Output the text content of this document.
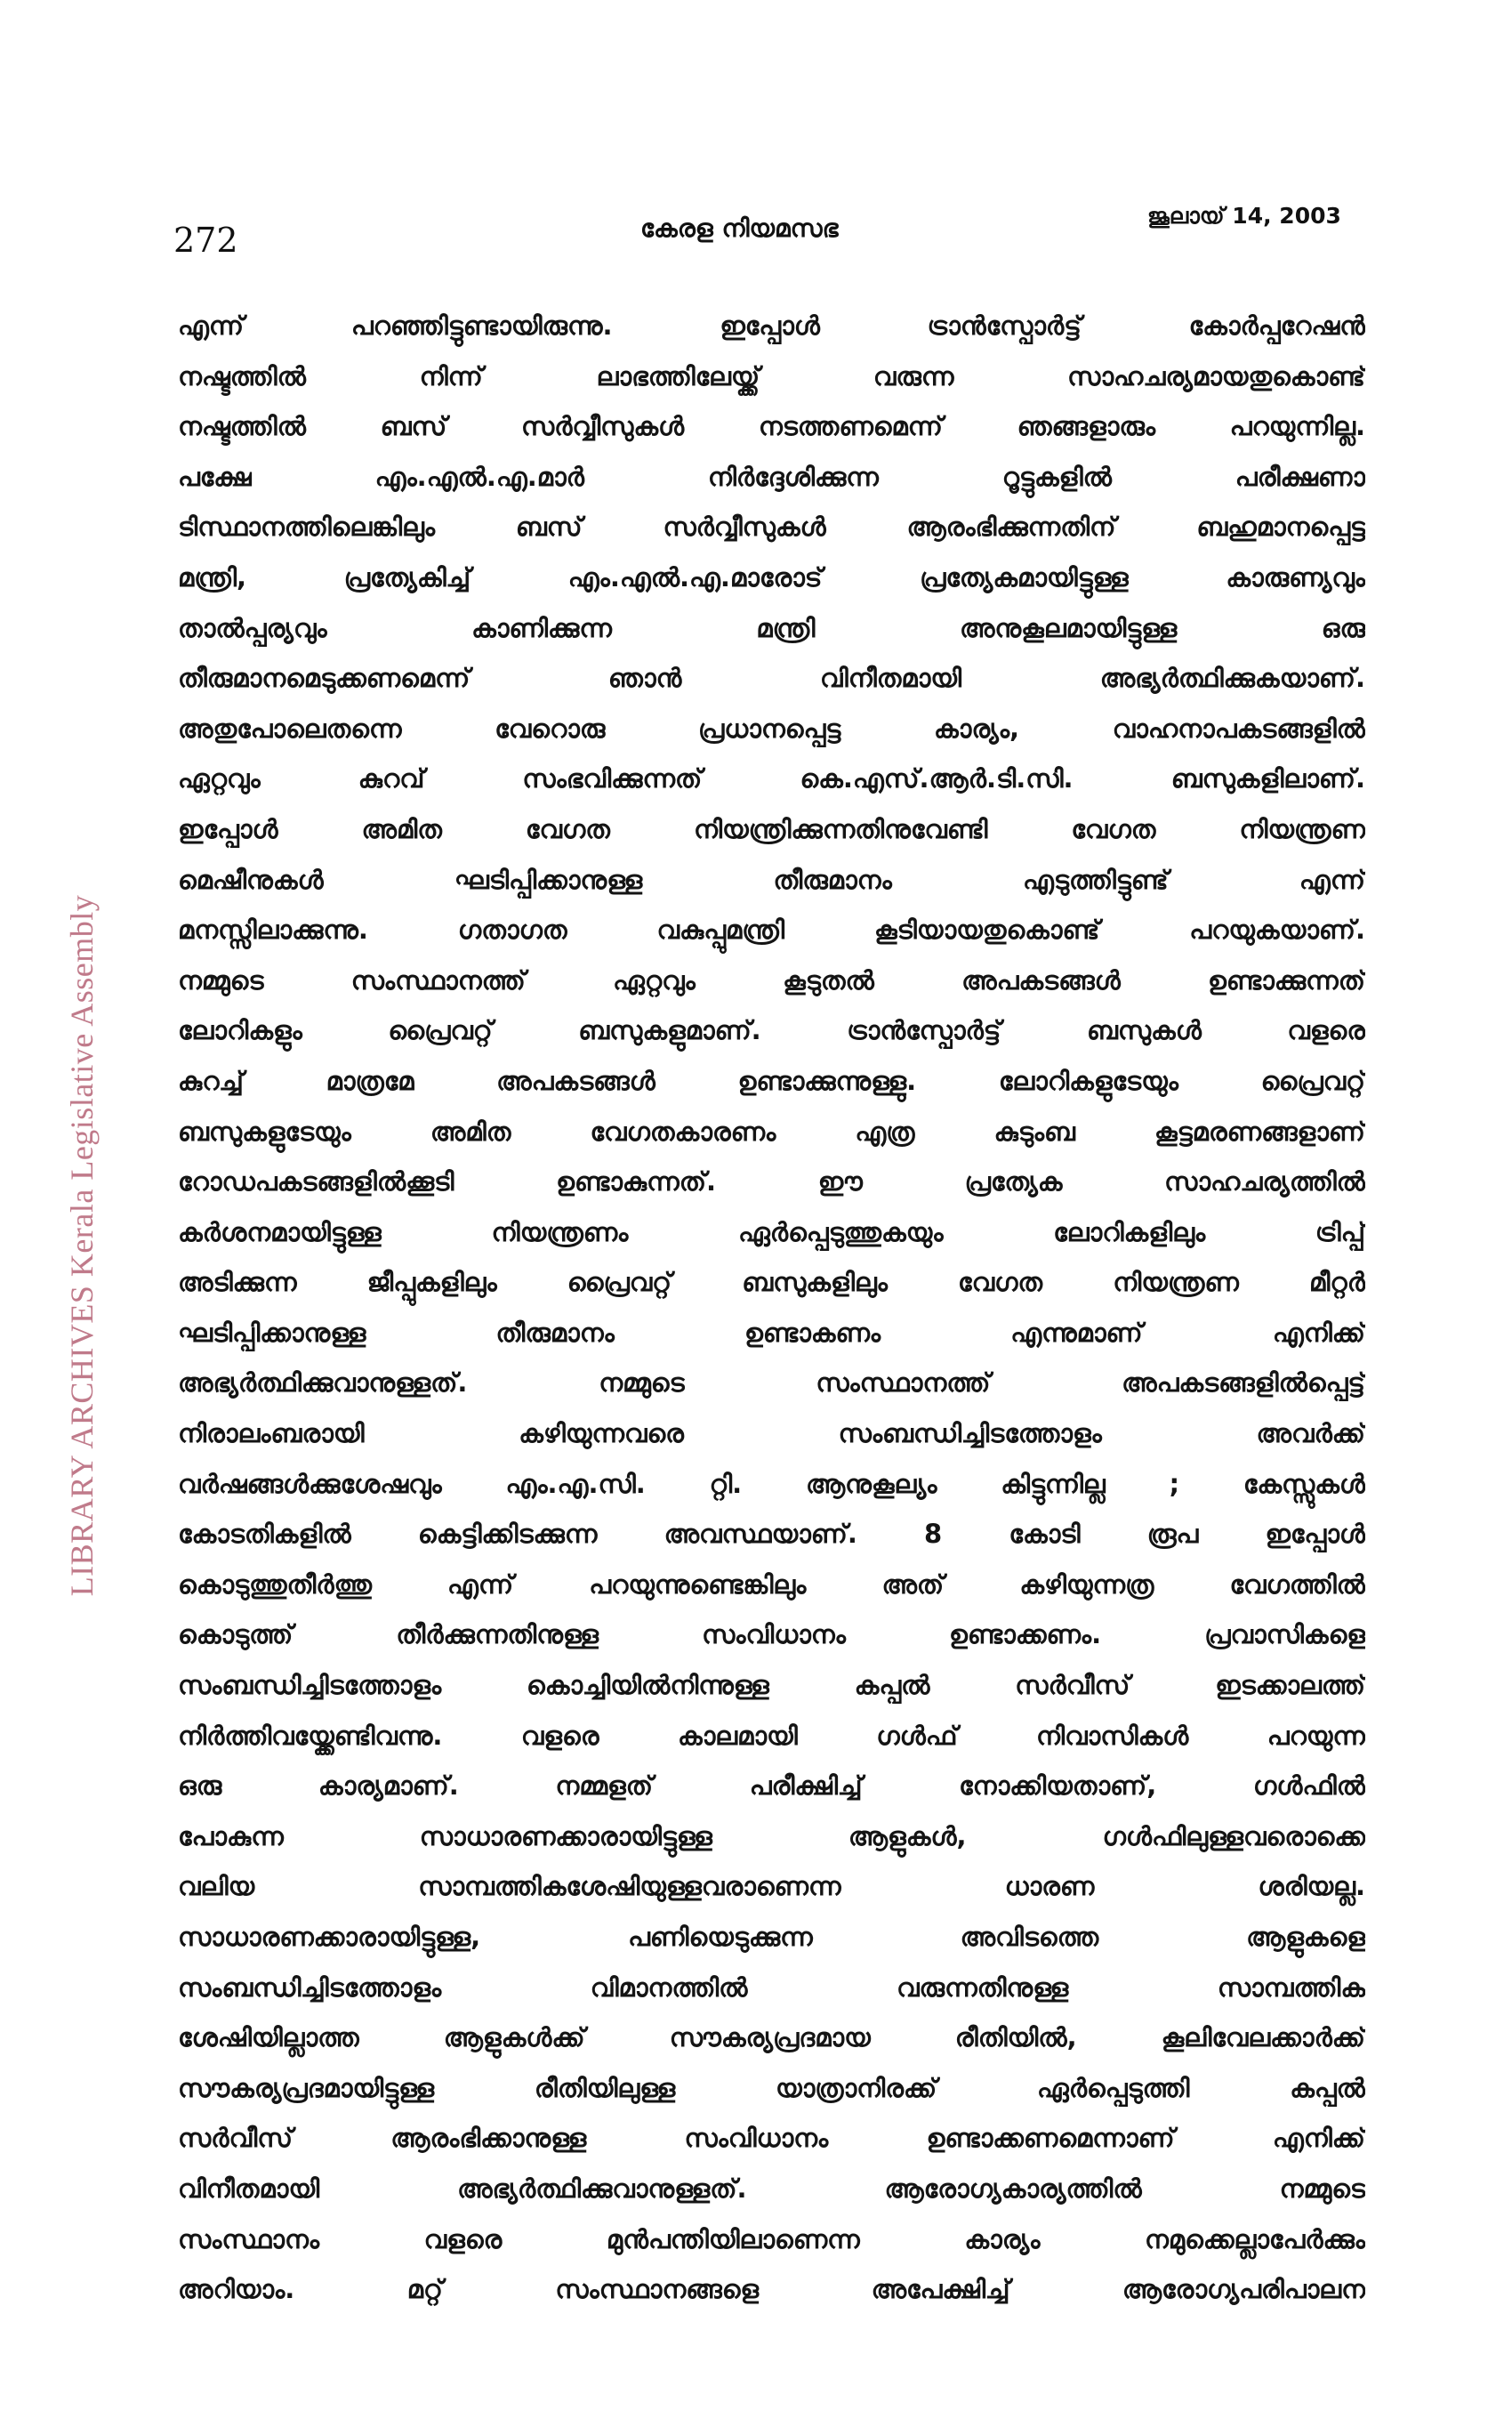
272	കേരള നിയമസഭ	ജൂലായ് 14, 2003
LIBRARY ARCHIVES Kerala Legislative Assembly
എന്ന് പറഞ്ഞിട്ടുണ്ടായിരുന്നു. ഇപ്പോൾ ട്രാൻസ്പോർട്ട് കോർപ്പറേഷൻ
നഷ്ടത്തിൽ നിന്ന് ലാഭത്തിലേയ്ക്ക് വരുന്ന സാഹചര്യമായതുകൊണ്ട്
നഷ്ടത്തിൽ ബസ് സർവ്വീസുകൾ നടത്തണമെന്ന് ഞങ്ങളാരും പറയുന്നില്ല.
പക്ഷേ എം.എൽ.എ.മാർ നിർദ്ദേശിക്കുന്ന റൂട്ടുകളിൽ പരീക്ഷണാ
ടിസ്ഥാനത്തിലെങ്കിലും ബസ് സർവ്വീസുകൾ ആരംഭിക്കുന്നതിന് ബഹുമാനപ്പെട്ട
മന്ത്രി, പ്രത്യേകിച്ച് എം.എൽ.എ.മാരോട് പ്രത്യേകമായിട്ടുള്ള കാരുണ്യവും
താൽപ്പര്യവും കാണിക്കുന്ന മന്ത്രി അനുകൂലമായിട്ടുള്ള ഒരു
തീരുമാനമെടുക്കണമെന്ന് ഞാൻ വിനീതമായി അഭ്യർത്ഥിക്കുകയാണ്.
അതുപോലെതന്നെ വേറൊരു പ്രധാനപ്പെട്ട കാര്യം, വാഹനാപകടങ്ങളിൽ
ഏറ്റവും കുറവ് സംഭവിക്കുന്നത് കെ.എസ്.ആർ.ടി.സി. ബസുകളിലാണ്.
ഇപ്പോൾ അമിത വേഗത നിയന്ത്രിക്കുന്നതിനുവേണ്ടി വേഗത നിയന്ത്രണ
മെഷീനുകൾ ഘടിപ്പിക്കാനുള്ള തീരുമാനം എടുത്തിട്ടുണ്ട് എന്ന്
മനസ്സിലാക്കുന്നു. ഗതാഗത വകുപ്പുമന്ത്രി കൂടിയായതുകൊണ്ട് പറയുകയാണ്.
നമ്മുടെ സംസ്ഥാനത്ത് ഏറ്റവും കൂടുതൽ അപകടങ്ങൾ ഉണ്ടാക്കുന്നത്
ലോറികളും പ്രൈവറ്റ് ബസുകളുമാണ്. ട്രാൻസ്പോർട്ട് ബസുകൾ വളരെ
കുറച്ച് മാത്രമേ അപകടങ്ങൾ ഉണ്ടാക്കുന്നുള്ളു. ലോറികളുടേയും പ്രൈവറ്റ്
ബസുകളുടേയും അമിത വേഗതകാരണം എത്ര കുടുംബ കൂട്ടമരണങ്ങളാണ്
റോഡപകടങ്ങളിൽക്കൂടി ഉണ്ടാകുന്നത്. ഈ പ്രത്യേക സാഹചര്യത്തിൽ
കർശനമായിട്ടുള്ള നിയന്ത്രണം ഏർപ്പെടുത്തുകയും ലോറികളിലും ട്രിപ്പ്
അടിക്കുന്ന ജീപ്പുകളിലും പ്രൈവറ്റ് ബസുകളിലും വേഗത നിയന്ത്രണ മീറ്റർ
ഘടിപ്പിക്കാനുള്ള തീരുമാനം ഉണ്ടാകണം എന്നുമാണ് എനിക്ക്
അഭ്യർത്ഥിക്കുവാനുള്ളത്. നമ്മുടെ സംസ്ഥാനത്ത് അപകടങ്ങളിൽപ്പെട്ട്
നിരാലംബരായി കഴിയുന്നവരെ സംബന്ധിച്ചിടത്തോളം അവർക്ക്
വർഷങ്ങൾക്കുശേഷവും എം.എ.സി. റ്റി. ആനുകൂല്യം കിട്ടുന്നില്ല ; കേസ്സുകൾ
കോടതികളിൽ കെട്ടിക്കിടക്കുന്ന അവസ്ഥയാണ്. 8 കോടി രൂപ ഇപ്പോൾ
കൊടുത്തുതീർത്തു എന്ന് പറയുന്നുണ്ടെങ്കിലും അത് കഴിയുന്നത്ര വേഗത്തിൽ
കൊടുത്ത് തീർക്കുന്നതിനുള്ള സംവിധാനം ഉണ്ടാക്കണം. പ്രവാസികളെ
സംബന്ധിച്ചിടത്തോളം കൊച്ചിയിൽനിന്നുള്ള കപ്പൽ സർവീസ് ഇടക്കാലത്ത്
നിർത്തിവയ്ക്കേണ്ടിവന്നു. വളരെ കാലമായി ഗൾഫ് നിവാസികൾ പറയുന്ന
ഒരു കാര്യമാണ്. നമ്മളത് പരീക്ഷിച്ച് നോക്കിയതാണ്, ഗൾഫിൽ
പോകുന്ന സാധാരണക്കാരായിട്ടുള്ള ആളുകൾ, ഗൾഫിലുള്ളവരൊക്കെ
വലിയ സാമ്പത്തികശേഷിയുള്ളവരാണെന്ന ധാരണ ശരിയല്ല.
സാധാരണക്കാരായിട്ടുള്ള, പണിയെടുക്കുന്ന അവിടത്തെ ആളുകളെ
സംബന്ധിച്ചിടത്തോളം വിമാനത്തിൽ വരുന്നതിനുള്ള സാമ്പത്തിക
ശേഷിയില്ലാത്ത ആളുകൾക്ക് സൗകര്യപ്രദമായ രീതിയിൽ, കൂലിവേലക്കാർക്ക്
സൗകര്യപ്രദമായിട്ടുള്ള രീതിയിലുള്ള യാത്രാനിരക്ക് ഏർപ്പെടുത്തി കപ്പൽ
സർവീസ് ആരംഭിക്കാനുള്ള സംവിധാനം ഉണ്ടാക്കണമെന്നാണ് എനിക്ക്
വിനീതമായി അഭ്യർത്ഥിക്കുവാനുള്ളത്. ആരോഗ്യകാര്യത്തിൽ നമ്മുടെ
സംസ്ഥാനം വളരെ മുൻപന്തിയിലാണെന്ന കാര്യം നമുക്കെല്ലാപേർക്കും
അറിയാം. മറ്റ് സംസ്ഥാനങ്ങളെ അപേക്ഷിച്ച് ആരോഗ്യപരിപാലന
